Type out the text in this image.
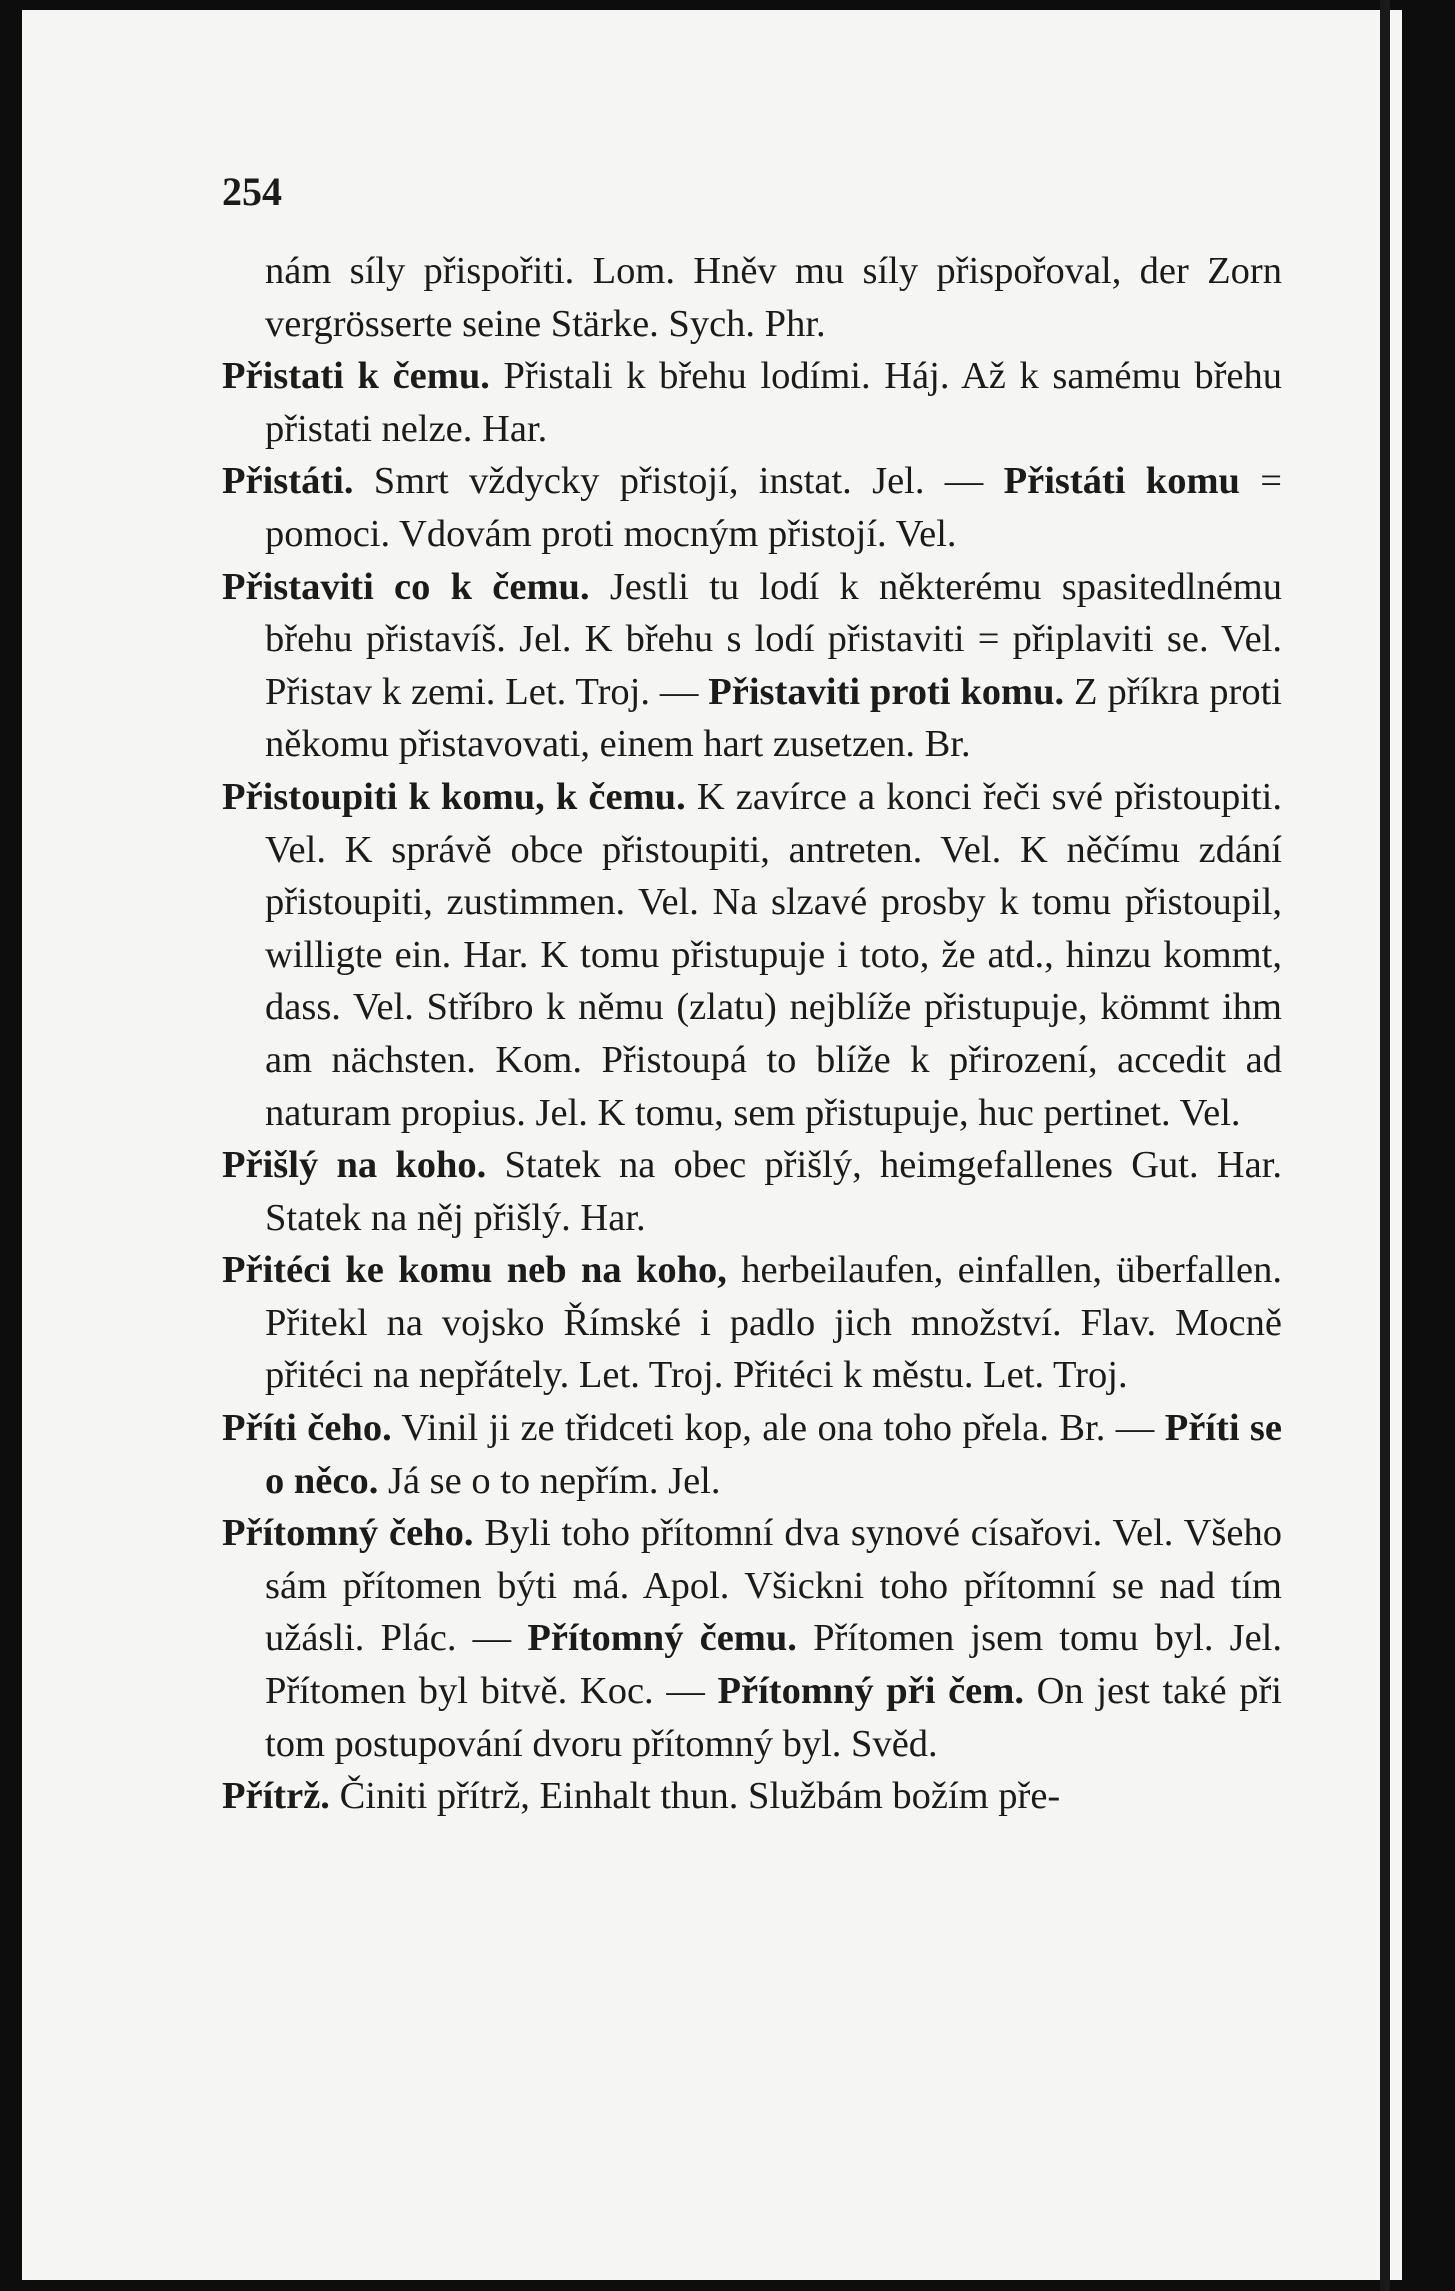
254

nám síly přispořiti. Lom. Hněv mu síly přispořoval, der Zorn vergrösserte seine Stärke. Sych. Phr.

Přistati k čemu. Přistali k břehu lodími. Háj. Až k samému břehu přistati nelze. Har.

Přistáti. Smrt vždycky přistojí, instat. Jel. — Přistáti komu = pomoci. Vdovám proti mocným přistojí. Vel.

Přistaviti co k čemu. Jestli tu lodí k některému spasitedlnému břehu přistavíš. Jel. K břehu s lodí přistaviti = připlaviti se. Vel. Přistav k zemi. Let. Troj. — Přistaviti proti komu. Z příkra proti někomu přistavovati, einem hart zusetzen. Br.

Přistoupiti k komu, k čemu. K zavírce a konci řeči své přistoupiti. Vel. K správě obce přistoupiti, antreten. Vel. K něčímu zdání přistoupiti, zustimmen. Vel. Na slzavé prosby k tomu přistoupil, willigte ein. Har. K tomu přistupuje i toto, že atd., hinzu kommt, dass. Vel. Stříbro k němu (zlatu) nejblíže přistupuje, kömmt ihm am nächsten. Kom. Přistoupá to blíže k přirození, accedit ad naturam propius. Jel. K tomu, sem přistupuje, huc pertinet. Vel.

Přišlý na koho. Statek na obec přišlý, heimgefallenes Gut. Har. Statek na něj přišlý. Har.

Přitéci ke komu neb na koho, herbeilaufen, einfallen, überfallen. Přitekl na vojsko Římské i padlo jich množství. Flav. Mocně přitéci na nepřátely. Let. Troj. Přitéci k městu. Let. Troj.

Příti čeho. Vinil ji ze třidceti kop, ale ona toho přela. Br. — Příti se o něco. Já se o to nepřím. Jel.

Přítomný čeho. Byli toho přítomní dva synové císařovi. Vel. Všeho sám přítomen býti má. Apol. Všickni toho přítomní se nad tím užásli. Plác. — Přítomný čemu. Přítomen jsem tomu byl. Jel. Přítomen byl bitvě. Koc. — Přítomný při čem. On jest také při tom postupování dvoru přítomný byl. Svěd.

Přítrž. Činiti přítrž, Einhalt thun. Službám božím pře-
